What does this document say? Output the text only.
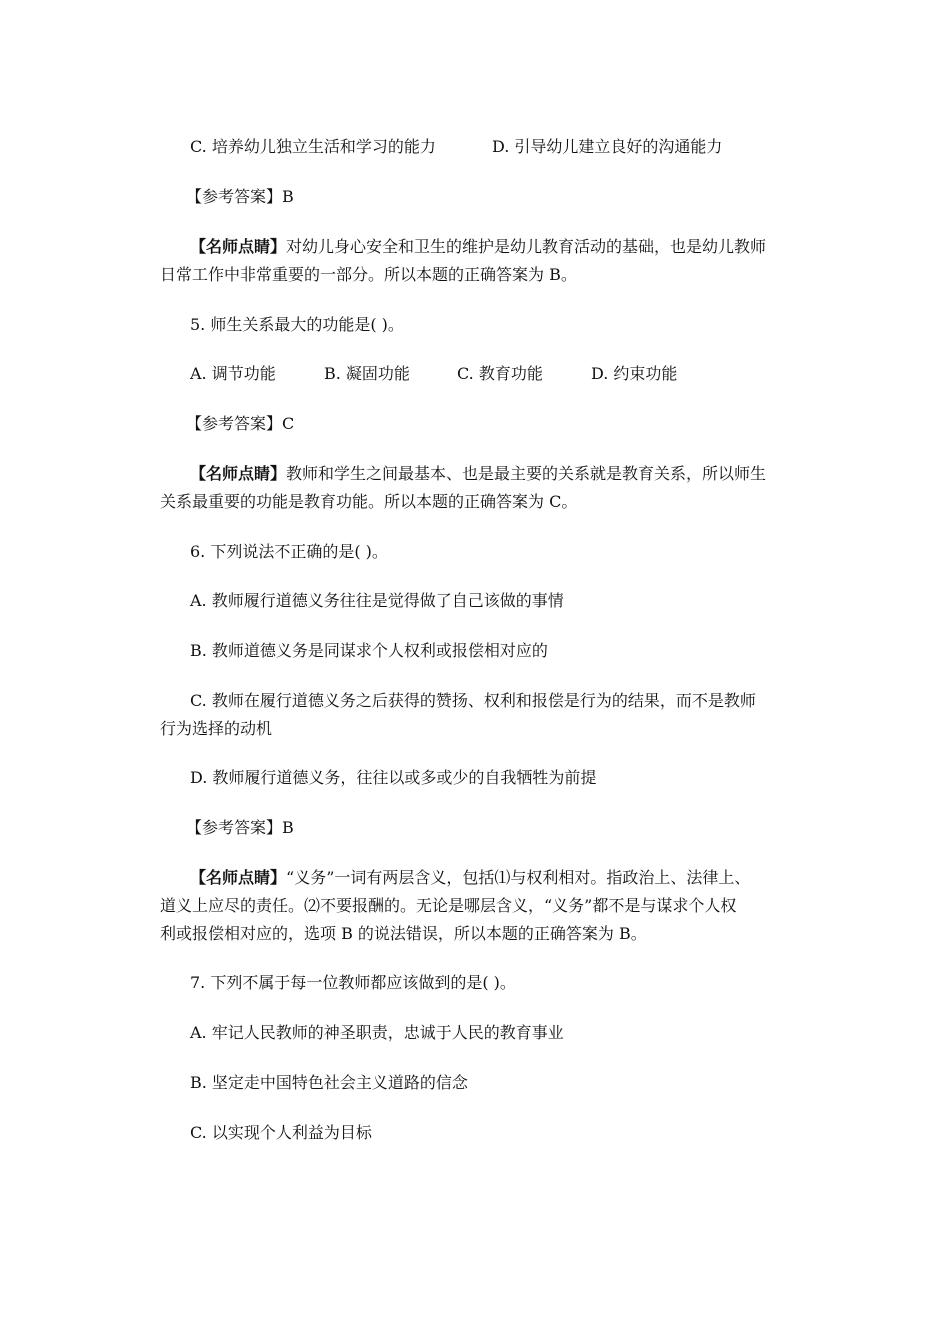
C. 培养幼儿独立生活和学习的能力	D. 引导幼儿建立良好的沟通能力
【参考答案】B
【名师点睛】对幼儿身心安全和卫生的维护是幼儿教育活动的基础，也是幼儿教师
日常工作中非常重要的一部分。所以本题的正确答案为 B。
5. 师生关系最大的功能是( )。
A. 调节功能	B. 凝固功能	C. 教育功能	D. 约束功能
【参考答案】C
【名师点睛】教师和学生之间最基本、也是最主要的关系就是教育关系，所以师生
关系最重要的功能是教育功能。所以本题的正确答案为 C。
6. 下列说法不正确的是( )。
A. 教师履行道德义务往往是觉得做了自己该做的事情
B. 教师道德义务是同谋求个人权利或报偿相对应的
C. 教师在履行道德义务之后获得的赞扬、权利和报偿是行为的结果，而不是教师
行为选择的动机
D. 教师履行道德义务，往往以或多或少的自我牺牲为前提
【参考答案】B
【名师点睛】“义务”一词有两层含义，包括⑴与权利相对。指政治上、法律上、
道义上应尽的责任。⑵不要报酬的。无论是哪层含义，“义务”都不是与谋求个人权
利或报偿相对应的，选项 B 的说法错误，所以本题的正确答案为 B。
7. 下列不属于每一位教师都应该做到的是( )。
A. 牢记人民教师的神圣职责，忠诚于人民的教育事业
B. 坚定走中国特色社会主义道路的信念
C. 以实现个人利益为目标
